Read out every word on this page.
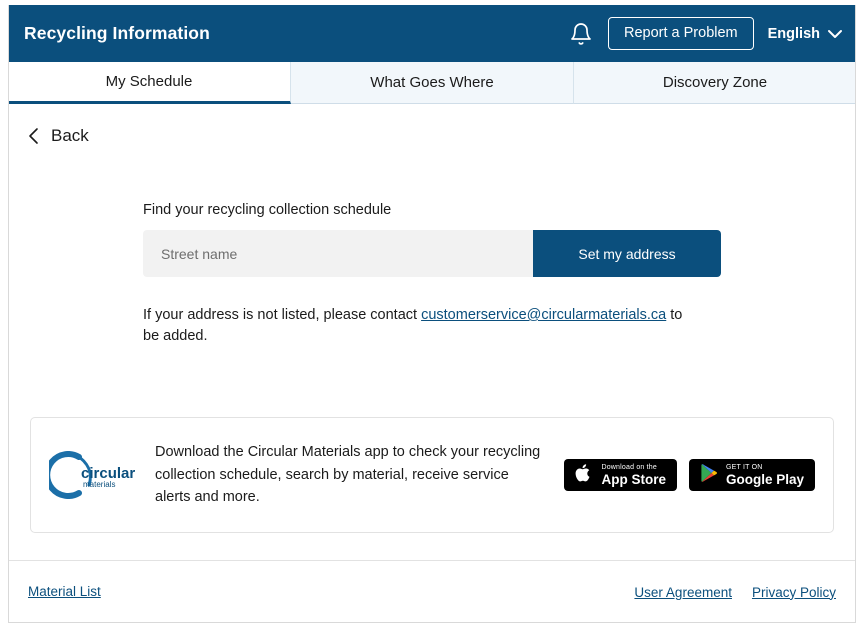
Recycling Information	Report a Problem	English
My Schedule	What Goes Where	Discovery Zone
Back
Find your recycling collection schedule
Street name
Set my address
If your address is not listed, please contact customerservice@circularmaterials.ca to be added.
circular
materials
Download the Circular Materials app to check your recycling collection schedule, search by material, receive service alerts and more.
Download on the
App Store
GET IT ON
Google Play
Material List	User Agreement Privacy Policy
